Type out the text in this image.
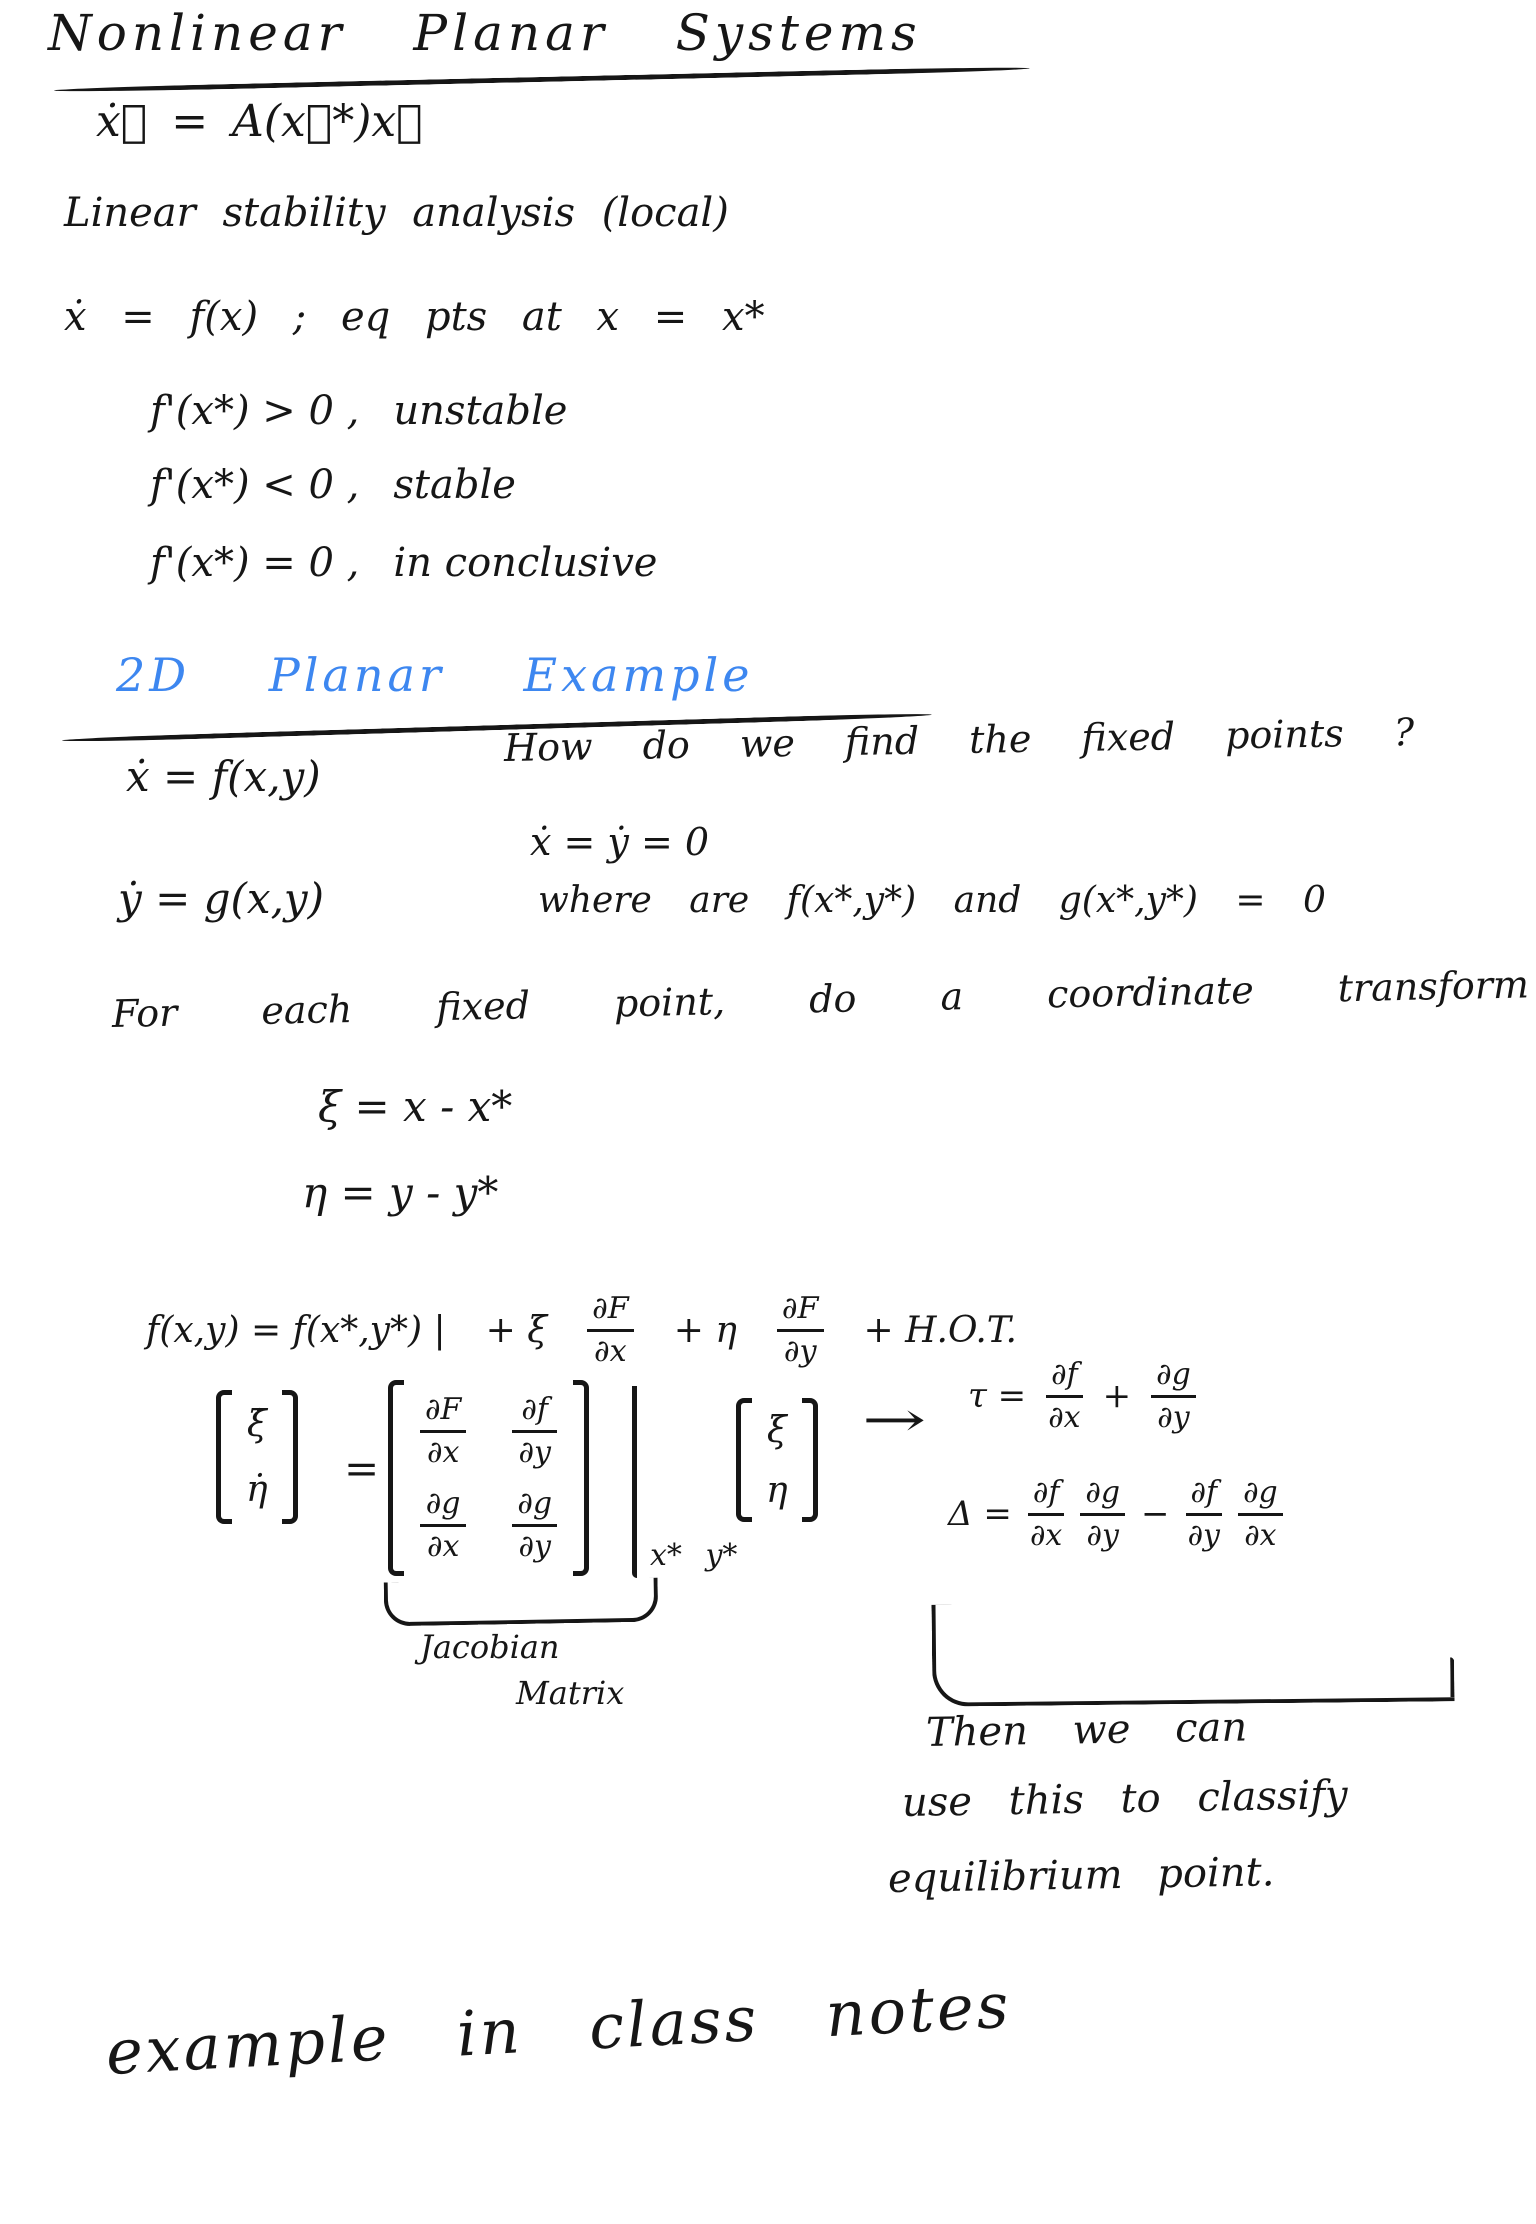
Nonlinear Planar Systems
ẋ⃗ = A(x⃗*)x⃗
Linear stability analysis (local)
ẋ = f(x) ; eq pts at x = x*
f'(x*) > 0 , unstable
f'(x*) < 0 , stable
f'(x*) = 0 , in conclusive
2D Planar Example
ẋ = f(x,y)
ẏ = g(x,y)
How do we find the fixed points ?
ẋ = ẏ = 0
where are f(x*,y*) and g(x*,y*) = 0
For each fixed point, do a coordinate transform
ξ = x - x*
η = y - y*
f(x,y) = f(x*,y*) | + ξ $\frac{\partial F}{\partial x} + \eta \frac{\partial F}{\partial y} + H.O.T$.
ξ̇
η̇ = $\frac{\partial F}{\partial x} \frac{\partial f}{\partial y}$
$\frac{\partial g}{\partial x} \frac{\partial g}{\partial y}$	x* y*
ξ
η
→ $\tau = \frac{\partial f}{\partial x} + \frac{\partial g}{\partial y}$
$\Delta = \frac{\partial f}{\partial x} \frac{\partial g}{\partial y} - \frac{\partial f}{\partial y} \frac{\partial g}{\partial x}$
Jacobian
Matrix
Then we can
use this to classify
equilibrium point.
example in class notes
